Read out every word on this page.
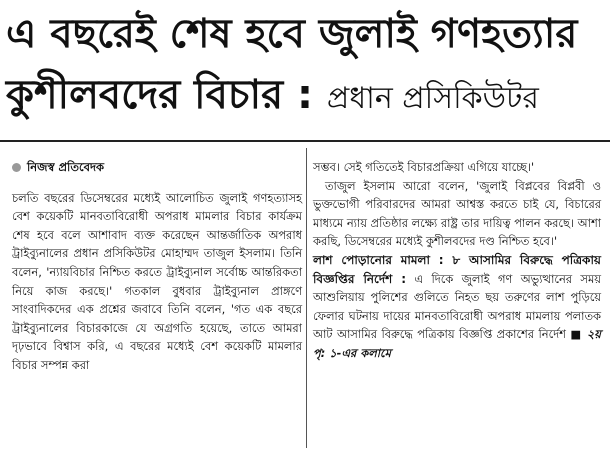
এ বছরেই শেষ হবে জুলাই গণহত্যার
কুশীলবদের বিচার : প্রধান প্রসিকিউটর
নিজস্ব প্রতিবেদক

চলতি বছরের ডিসেম্বরের মধ্যেই আলোচিত জুলাই গণহত্যাসহ বেশ কয়েকটি মানবতাবিরোধী অপরাধ মামলার বিচার কার্যক্রম শেষ হবে বলে আশাবাদ ব্যক্ত করেছেন আন্তর্জাতিক অপরাধ ট্রাইব্যুনালের প্রধান প্রসিকিউটর মোহাম্মদ তাজুল ইসলাম। তিনি বলেন, 'ন্যায়বিচার নিশ্চিত করতে ট্রাইব্যুনাল সর্বোচ্চ আন্তরিকতা নিয়ে কাজ করছে।' গতকাল বুধবার ট্রাইব্যুনাল প্রাঙ্গণে সাংবাদিকদের এক প্রশ্নের জবাবে তিনি বলেন, 'গত এক বছরে ট্রাইব্যুনালের বিচারকাজে যে অগ্রগতি হয়েছে, তাতে আমরা দৃঢ়ভাবে বিশ্বাস করি, এ বছরের মধ্যেই বেশ কয়েকটি মামলার বিচার সম্পন্ন করা

সম্ভব। সেই গতিতেই বিচারপ্রক্রিয়া এগিয়ে যাচ্ছে।'

তাজুল ইসলাম আরো বলেন, 'জুলাই বিপ্লবের বিপ্লবী ও ভুক্তভোগী পরিবারদের আমরা আশ্বস্ত করতে চাই যে, বিচারের মাধ্যমে ন্যায় প্রতিষ্ঠার লক্ষ্যে রাষ্ট্র তার দায়িত্ব পালন করছে। আশা করছি, ডিসেম্বরের মধ্যেই কুশীলবদের দণ্ড নিশ্চিত হবে।'

লাশ পোড়ানোর মামলা : ৮ আসামির বিরুদ্ধে পত্রিকায় বিজ্ঞপ্তির নির্দেশ : এ দিকে জুলাই গণ অভ্যুত্থানের সময় আশুলিয়ায় পুলিশের গুলিতে নিহত ছয় তরুণের লাশ পুড়িয়ে ফেলার ঘটনায় দায়ের মানবতাবিরোধী অপরাধ মামলায় পলাতক আট আসামির বিরুদ্ধে পত্রিকায় বিজ্ঞপ্তি প্রকাশের নির্দেশ ■ ২য় পৃ: ১-এর কলামে
